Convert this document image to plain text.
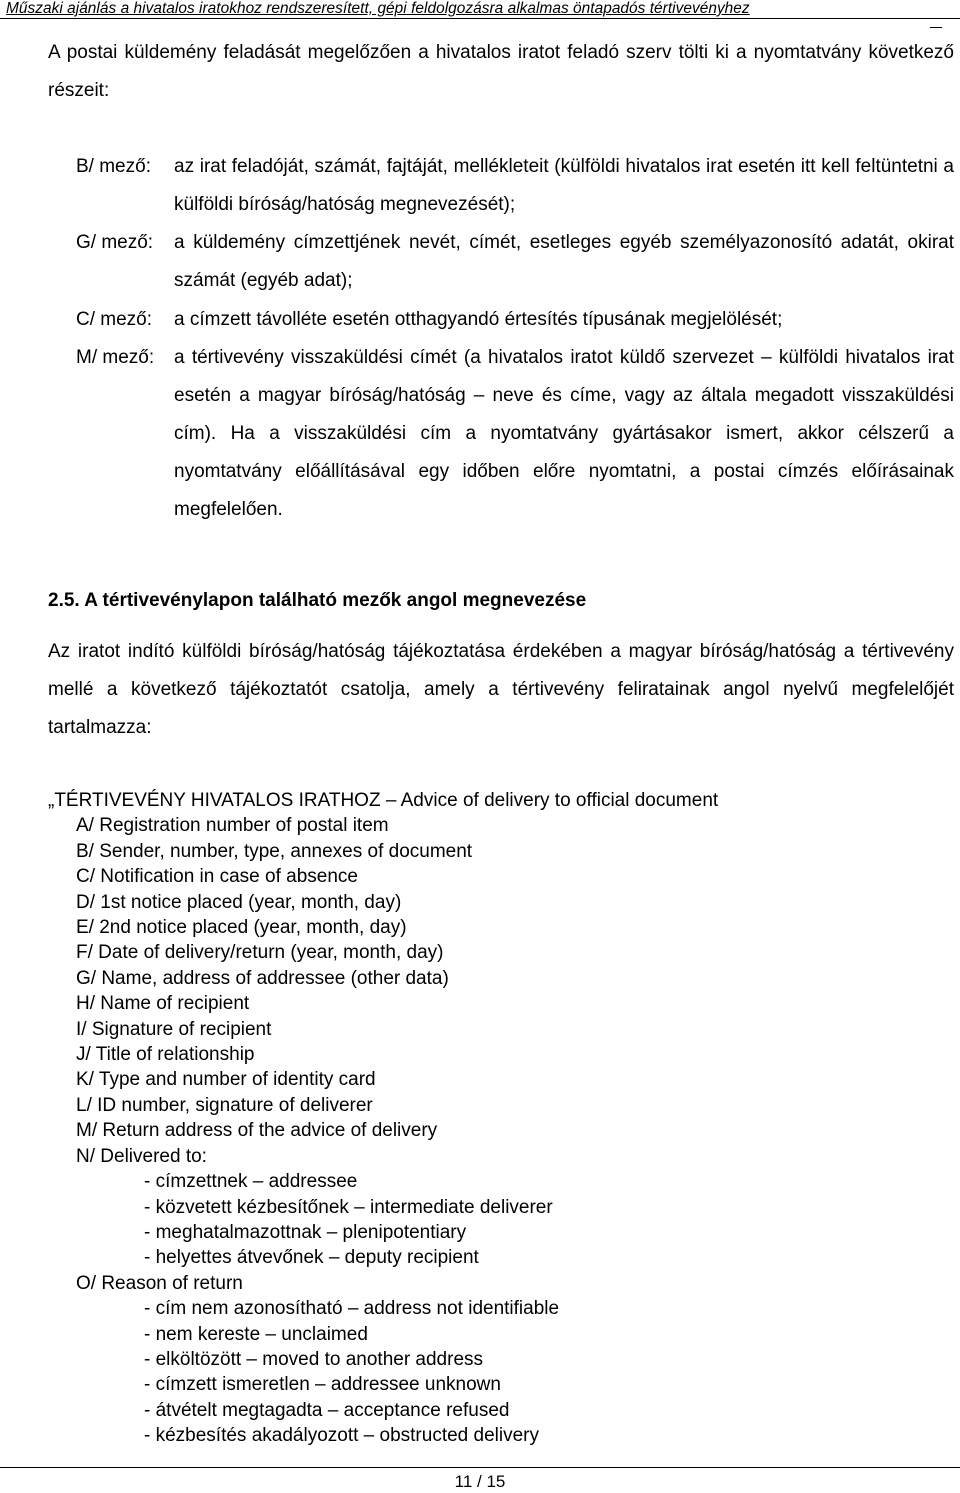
Műszaki ajánlás a hivatalos iratokhoz rendszeresített, gépi feldolgozásra alkalmas öntapadós tértivevényhez

A postai küldemény feladását megelőzően a hivatalos iratot feladó szerv tölti ki a nyomtatvány következő részeit:

B/ mező: az irat feladóját, számát, fajtáját, mellékleteit (külföldi hivatalos irat esetén itt kell feltüntetni a külföldi bíróság/hatóság megnevezését);
G/ mező: a küldemény címzettjének nevét, címét, esetleges egyéb személyazonosító adatát, okirat számát (egyéb adat);
C/ mező: a címzett távolléte esetén otthagyandó értesítés típusának megjelölését;
M/ mező: a tértivevény visszaküldési címét (a hivatalos iratot küldő szervezet – külföldi hivatalos irat esetén a magyar bíróság/hatóság – neve és címe, vagy az általa megadott visszaküldési cím). Ha a visszaküldési cím a nyomtatvány gyártásakor ismert, akkor célszerű a nyomtatvány előállításával egy időben előre nyomtatni, a postai címzés előírásainak megfelelően.
2.5. A tértivevénylapon található mezők angol megnevezése

Az iratot indító külföldi bíróság/hatóság tájékoztatása érdekében a magyar bíróság/hatóság a tértivevény mellé a következő tájékoztatót csatolja, amely a tértivevény feliratainak angol nyelvű megfelelőjét tartalmazza:

„TÉRTIVEVÉNY HIVATALOS IRATHOZ – Advice of delivery to official document
A/ Registration number of postal item
B/ Sender, number, type, annexes of document
C/ Notification in case of absence
D/ 1st notice placed (year, month, day)
E/ 2nd notice placed (year, month, day)
F/ Date of delivery/return (year, month, day)
G/ Name, address of addressee (other data)
H/ Name of recipient
I/ Signature of recipient
J/ Title of relationship
K/ Type and number of identity card
L/ ID number, signature of deliverer
M/ Return address of the advice of delivery
N/ Delivered to:
- címzettnek – addressee
- közvetett kézbesítőnek – intermediate deliverer
- meghatalmazottnak – plenipotentiary
- helyettes átvevőnek – deputy recipient
O/ Reason of return
- cím nem azonosítható – address not identifiable
- nem kereste – unclaimed
- elköltözött – moved to another address
- címzett ismeretlen – addressee unknown
- átvételt megtagadta – acceptance refused
- kézbesítés akadályozott – obstructed delivery
11 / 15
